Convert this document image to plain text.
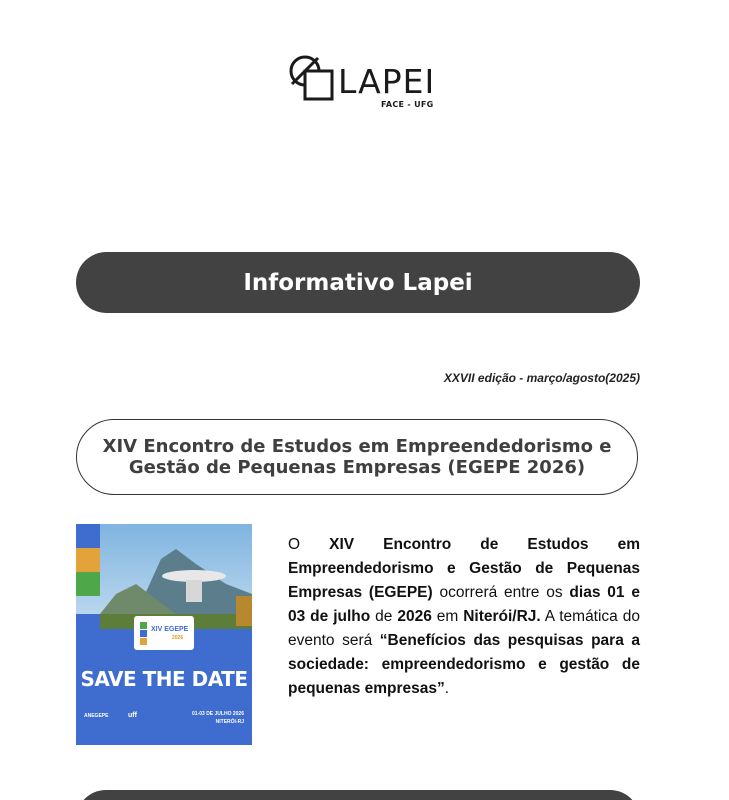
LAPEI
FACE - UFG
Informativo Lapei
XXVII edição - março/agosto(2025)
XIV Encontro de Estudos em Empreendedorismo e Gestão de Pequenas Empresas (EGEPE 2026)
XIV EGEPE
2026
SAVE THE DATE
ANEGEPE	uff	01-03 DE JULHO 2026
NITERÓI-RJ
O XIV Encontro de Estudos em Empreendedorismo e Gestão de Pequenas Empresas (EGEPE) ocorrerá entre os dias 01 e 03 de julho de 2026 em Niterói/RJ. A temática do evento será “Benefícios das pesquisas para a sociedade: empreendedorismo e gestão de pequenas empresas”.
